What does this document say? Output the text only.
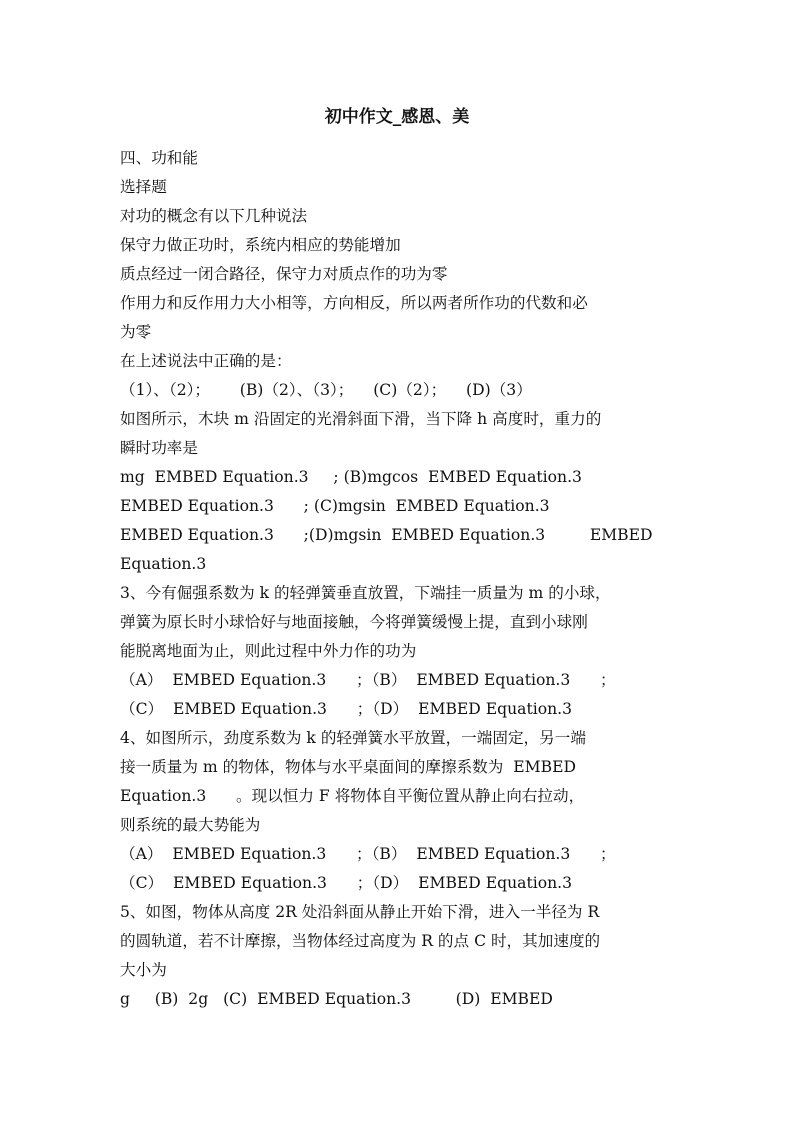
初中作文_感恩、美
四、功和能
选择题
对功的概念有以下几种说法
保守力做正功时，系统内相应的势能增加
质点经过一闭合路径，保守力对质点作的功为零
作用力和反作用力大小相等，方向相反，所以两者所作功的代数和必
为零
在上述说法中正确的是：
（1）、（2）；      (B)（2）、（3）；    (C)（2）；    (D)（3）
如图所示，木块 m 沿固定的光滑斜面下滑，当下降 h 高度时，重力的
瞬时功率是
mg  EMBED Equation.3     ; (B)mgcos  EMBED Equation.3
EMBED Equation.3      ; (C)mgsin  EMBED Equation.3
EMBED Equation.3      ;(D)mgsin  EMBED Equation.3         EMBED
Equation.3
3、今有倔强系数为 k 的轻弹簧垂直放置，下端挂一质量为 m 的小球，
弹簧为原长时小球恰好与地面接触，今将弹簧缓慢上提，直到小球刚
能脱离地面为止，则此过程中外力作的功为
（A）  EMBED Equation.3      ；（B）  EMBED Equation.3      ；
（C）  EMBED Equation.3      ；（D）  EMBED Equation.3
4、如图所示，劲度系数为 k 的轻弹簧水平放置，一端固定，另一端
接一质量为 m 的物体，物体与水平桌面间的摩擦系数为  EMBED
Equation.3      。现以恒力 F 将物体自平衡位置从静止向右拉动，
则系统的最大势能为
（A）  EMBED Equation.3      ；（B）  EMBED Equation.3      ；
（C）  EMBED Equation.3      ；（D）  EMBED Equation.3
5、如图，物体从高度 2R 处沿斜面从静止开始下滑，进入一半径为 R
的圆轨道，若不计摩擦，当物体经过高度为 R 的点 C 时，其加速度的
大小为
g     (B)  2g   (C)  EMBED Equation.3         (D)  EMBED
